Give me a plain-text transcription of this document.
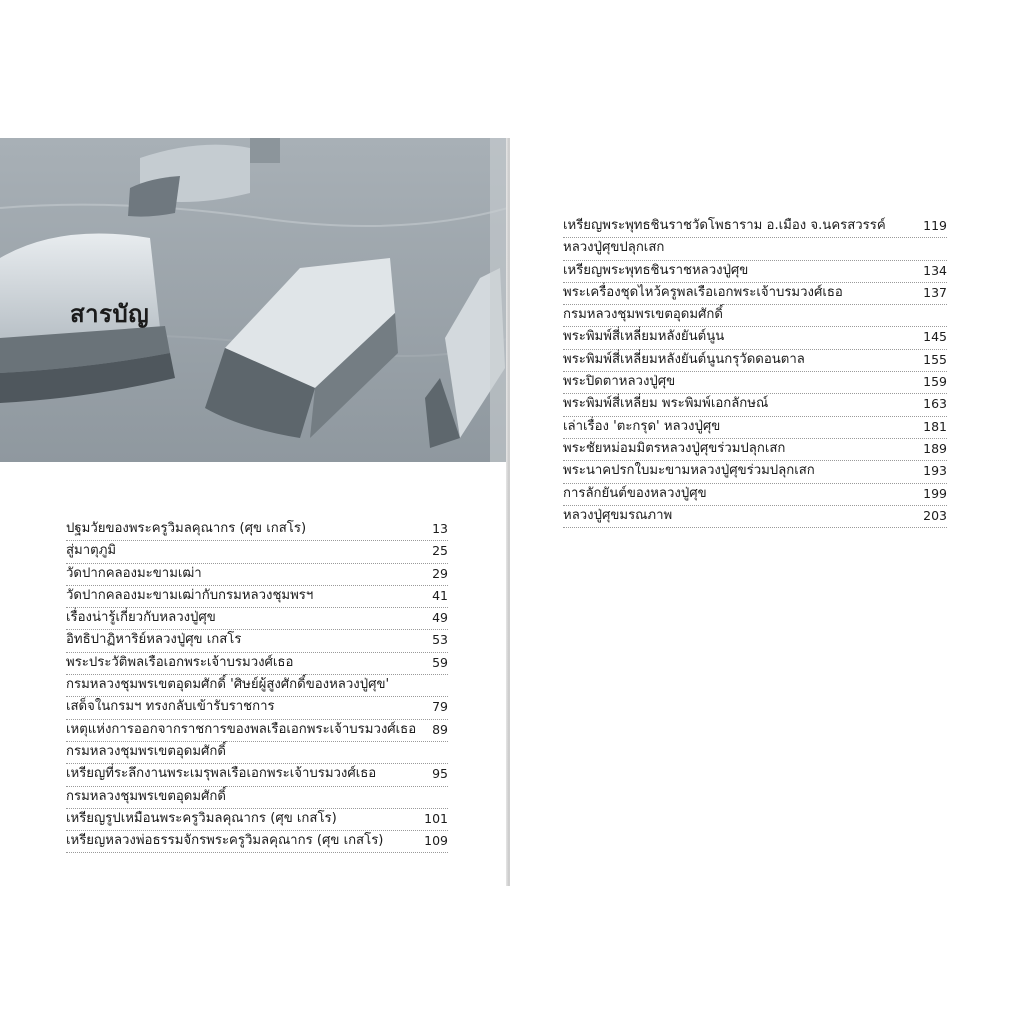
สารบัญ
ปฐมวัยของพระครูวิมลคุณากร (ศุข เกสโร)	13
สู่มาตุภูมิ	25
วัดปากคลองมะขามเฒ่า	29
วัดปากคลองมะขามเฒ่ากับกรมหลวงชุมพรฯ	41
เรื่องน่ารู้เกี่ยวกับหลวงปู่ศุข	49
อิทธิปาฏิหาริย์หลวงปู่ศุข เกสโร	53
พระประวัติพลเรือเอกพระเจ้าบรมวงศ์เธอ	59
กรมหลวงชุมพรเขตอุดมศักดิ์ 'ศิษย์ผู้สูงศักดิ์ของหลวงปู่ศุข'
เสด็จในกรมฯ ทรงกลับเข้ารับราชการ	79
เหตุแห่งการออกจากราชการของพลเรือเอกพระเจ้าบรมวงศ์เธอ 89
กรมหลวงชุมพรเขตอุดมศักดิ์
เหรียญที่ระลึกงานพระเมรุพลเรือเอกพระเจ้าบรมวงศ์เธอ	95
กรมหลวงชุมพรเขตอุดมศักดิ์
เหรียญรูปเหมือนพระครูวิมลคุณากร (ศุข เกสโร)	101
เหรียญหลวงพ่อธรรมจักรพระครูวิมลคุณากร (ศุข เกสโร)	109
เหรียญพระพุทธชินราชวัดโพธาราม อ.เมือง จ.นครสวรรค์	119
หลวงปู่ศุขปลุกเสก
เหรียญพระพุทธชินราชหลวงปู่ศุข	134
พระเครื่องชุดไหว้ครูพลเรือเอกพระเจ้าบรมวงศ์เธอ	137
กรมหลวงชุมพรเขตอุดมศักดิ์
พระพิมพ์สี่เหลี่ยมหลังยันต์นูน	145
พระพิมพ์สี่เหลี่ยมหลังยันต์นูนกรุวัดดอนตาล	155
พระปิดตาหลวงปู่ศุข	159
พระพิมพ์สี่เหลี่ยม พระพิมพ์เอกลักษณ์	163
เล่าเรื่อง 'ตะกรุด' หลวงปู่ศุข	181
พระชัยหม่อมมิตรหลวงปู่ศุขร่วมปลุกเสก	189
พระนาคปรกใบมะขามหลวงปู่ศุขร่วมปลุกเสก	193
การลักยันต์ของหลวงปู่ศุข	199
หลวงปู่ศุขมรณภาพ	203
